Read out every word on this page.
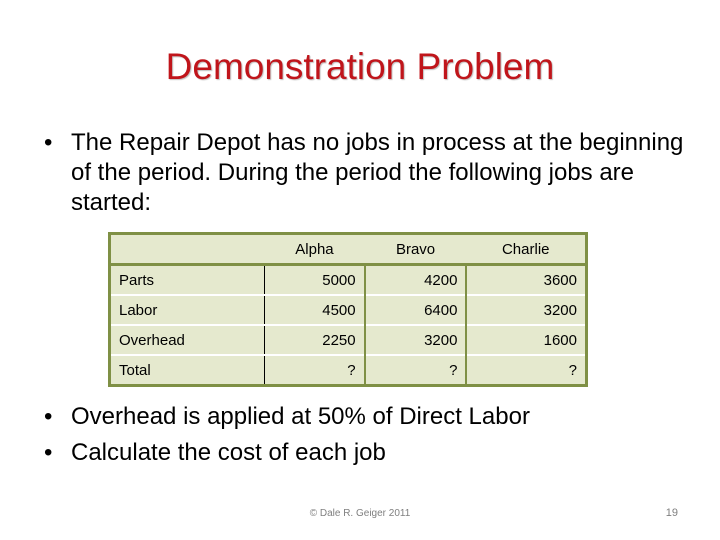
Demonstration Problem
• The Repair Depot has no jobs in process at the beginning of the period. During the period the following jobs are started:
	Alpha	Bravo	Charlie
Parts	5000	4200	3600
Labor	4500	6400	3200
Overhead	2250	3200	1600
Total	?	?	?
• Overhead is applied at 50% of Direct Labor
• Calculate the cost of each job
© Dale R. Geiger 2011	19
